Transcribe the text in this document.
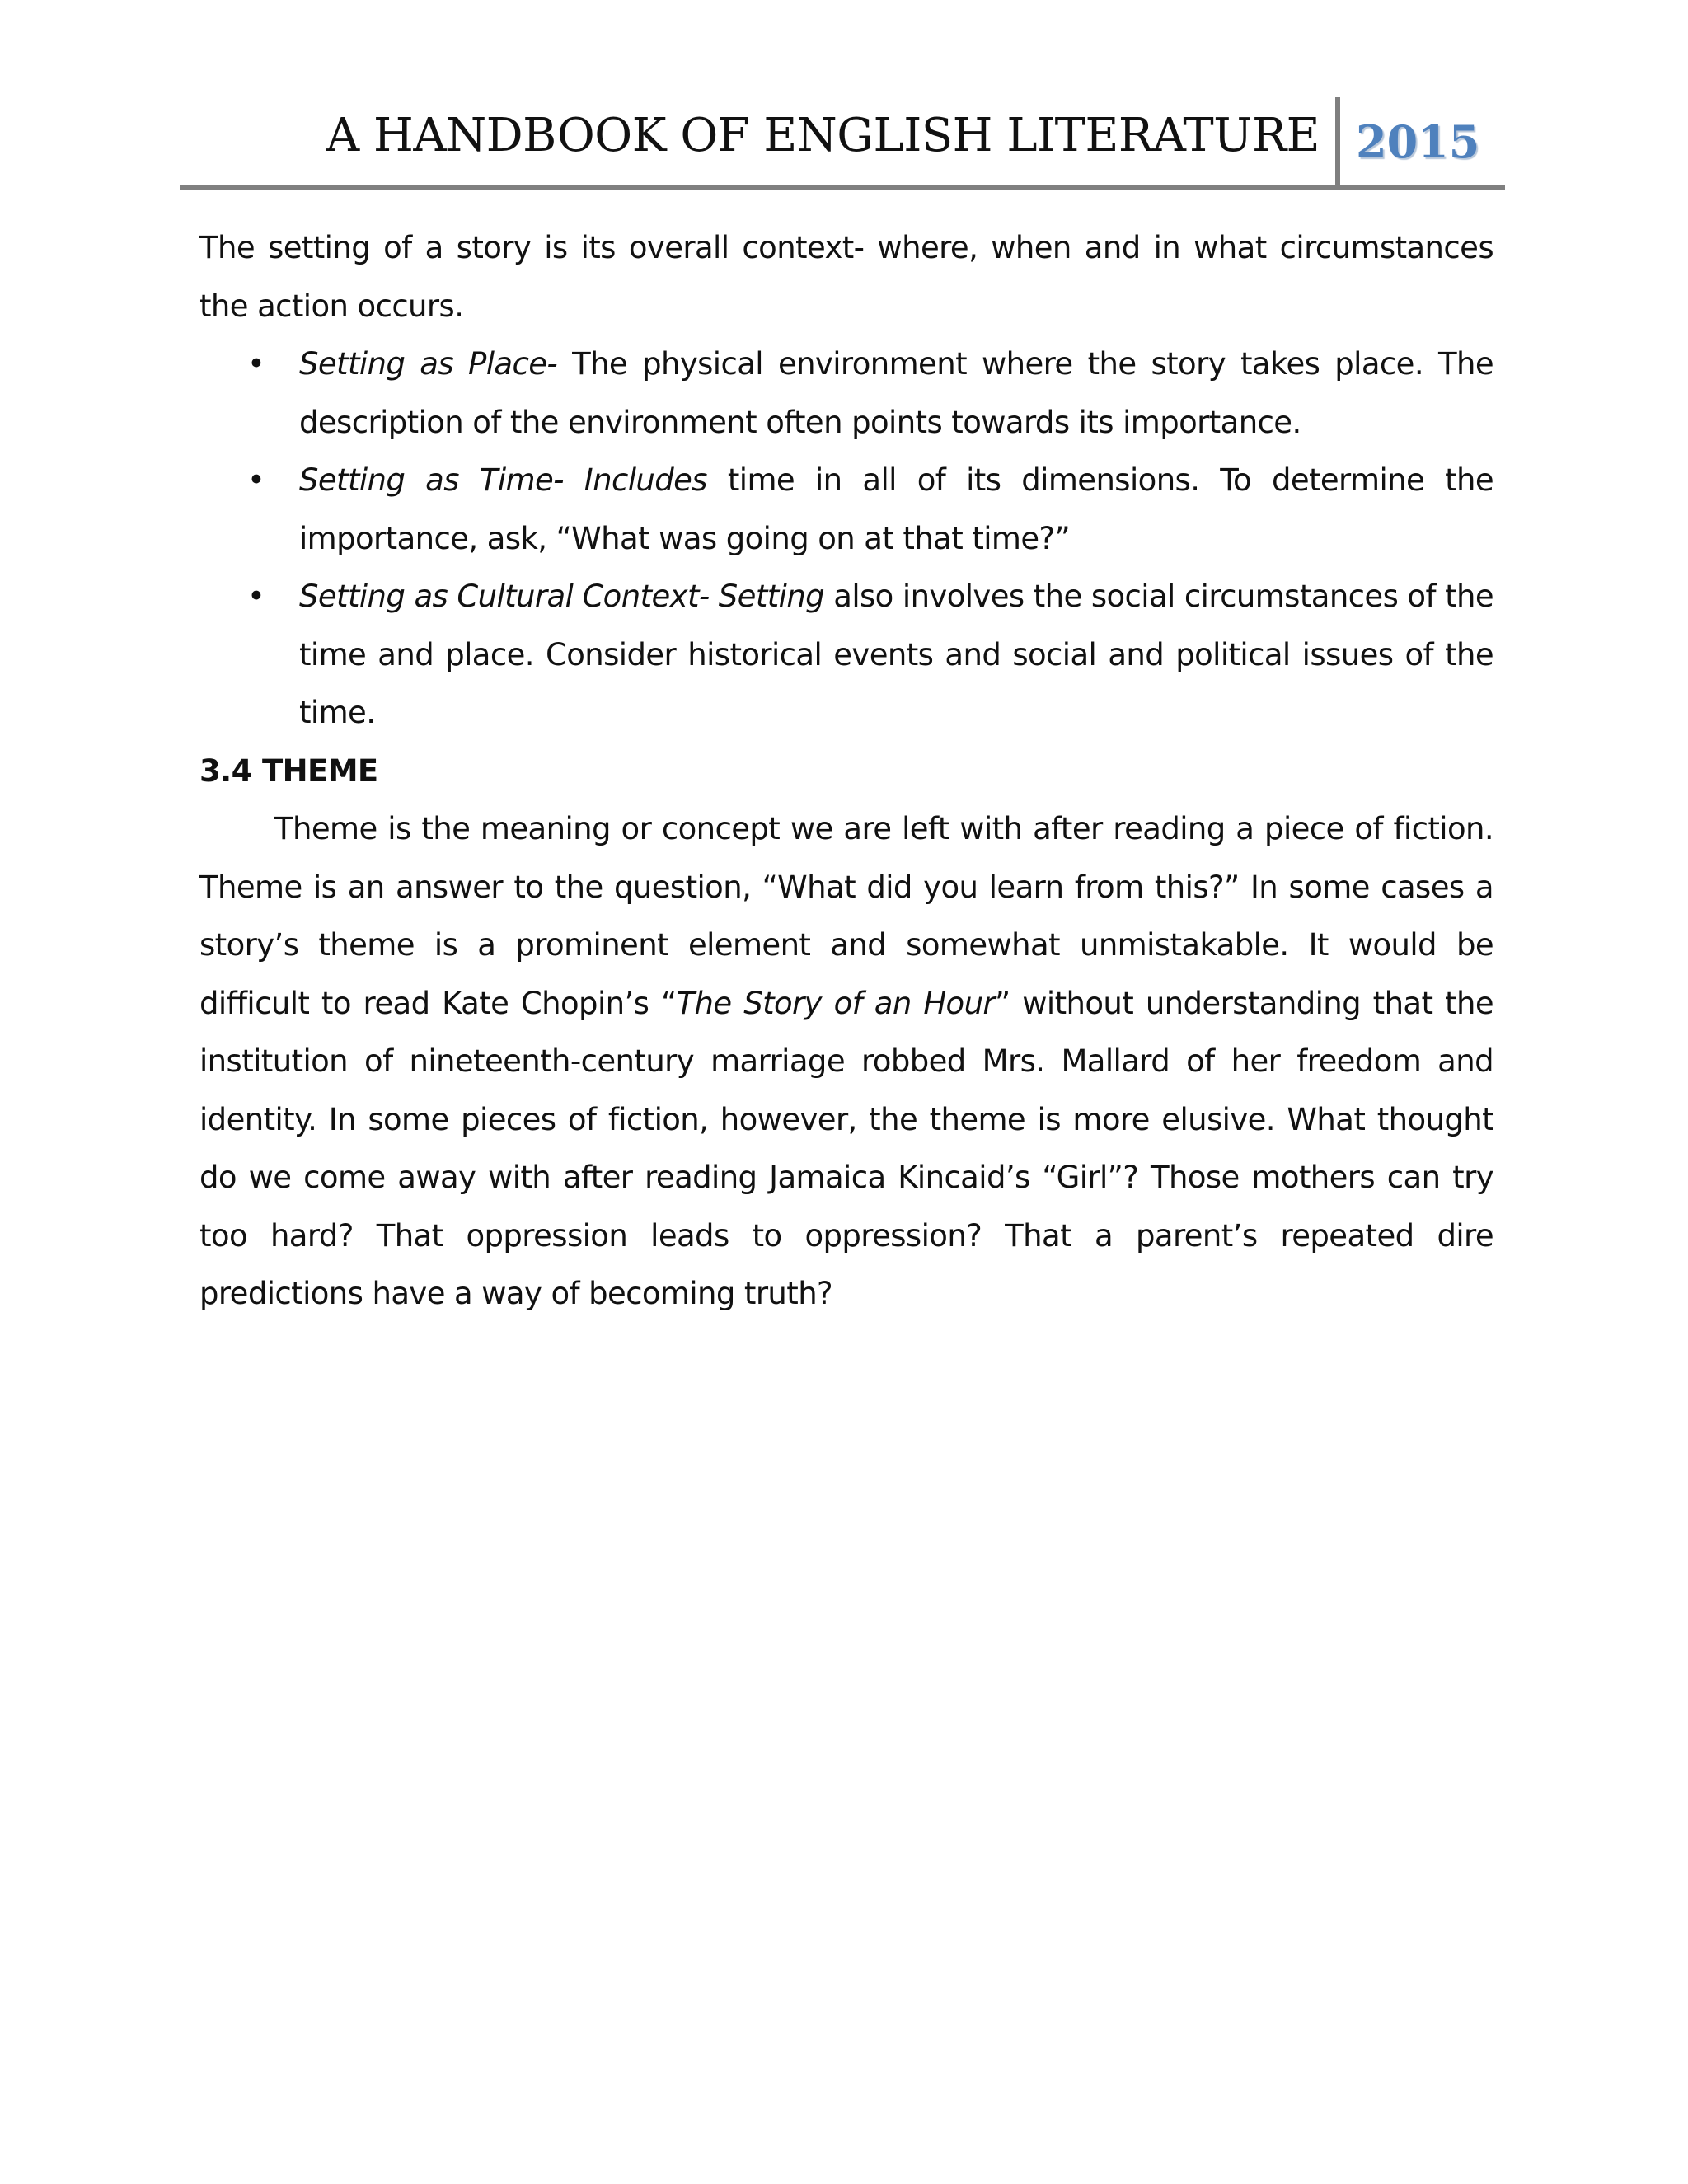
A HANDBOOK OF ENGLISH LITERATURE 2015

The setting of a story is its overall context- where, when and in what circumstances the action occurs.

• Setting as Place- The physical environment where the story takes place. The description of the environment often points towards its importance.
• Setting as Time- Includes time in all of its dimensions. To determine the importance, ask, “What was going on at that time?”
• Setting as Cultural Context- Setting also involves the social circumstances of the time and place. Consider historical events and social and political issues of the time.
3.4 THEME

Theme is the meaning or concept we are left with after reading a piece of fiction. Theme is an answer to the question, “What did you learn from this?” In some cases a story’s theme is a prominent element and somewhat unmistakable. It would be difficult to read Kate Chopin’s “The Story of an Hour” without understanding that the institution of nineteenth-century marriage robbed Mrs. Mallard of her freedom and identity. In some pieces of fiction, however, the theme is more elusive. What thought do we come away with after reading Jamaica Kincaid’s “Girl”? Those mothers can try too hard? That oppression leads to oppression? That a parent’s repeated dire predictions have a way of becoming truth?
